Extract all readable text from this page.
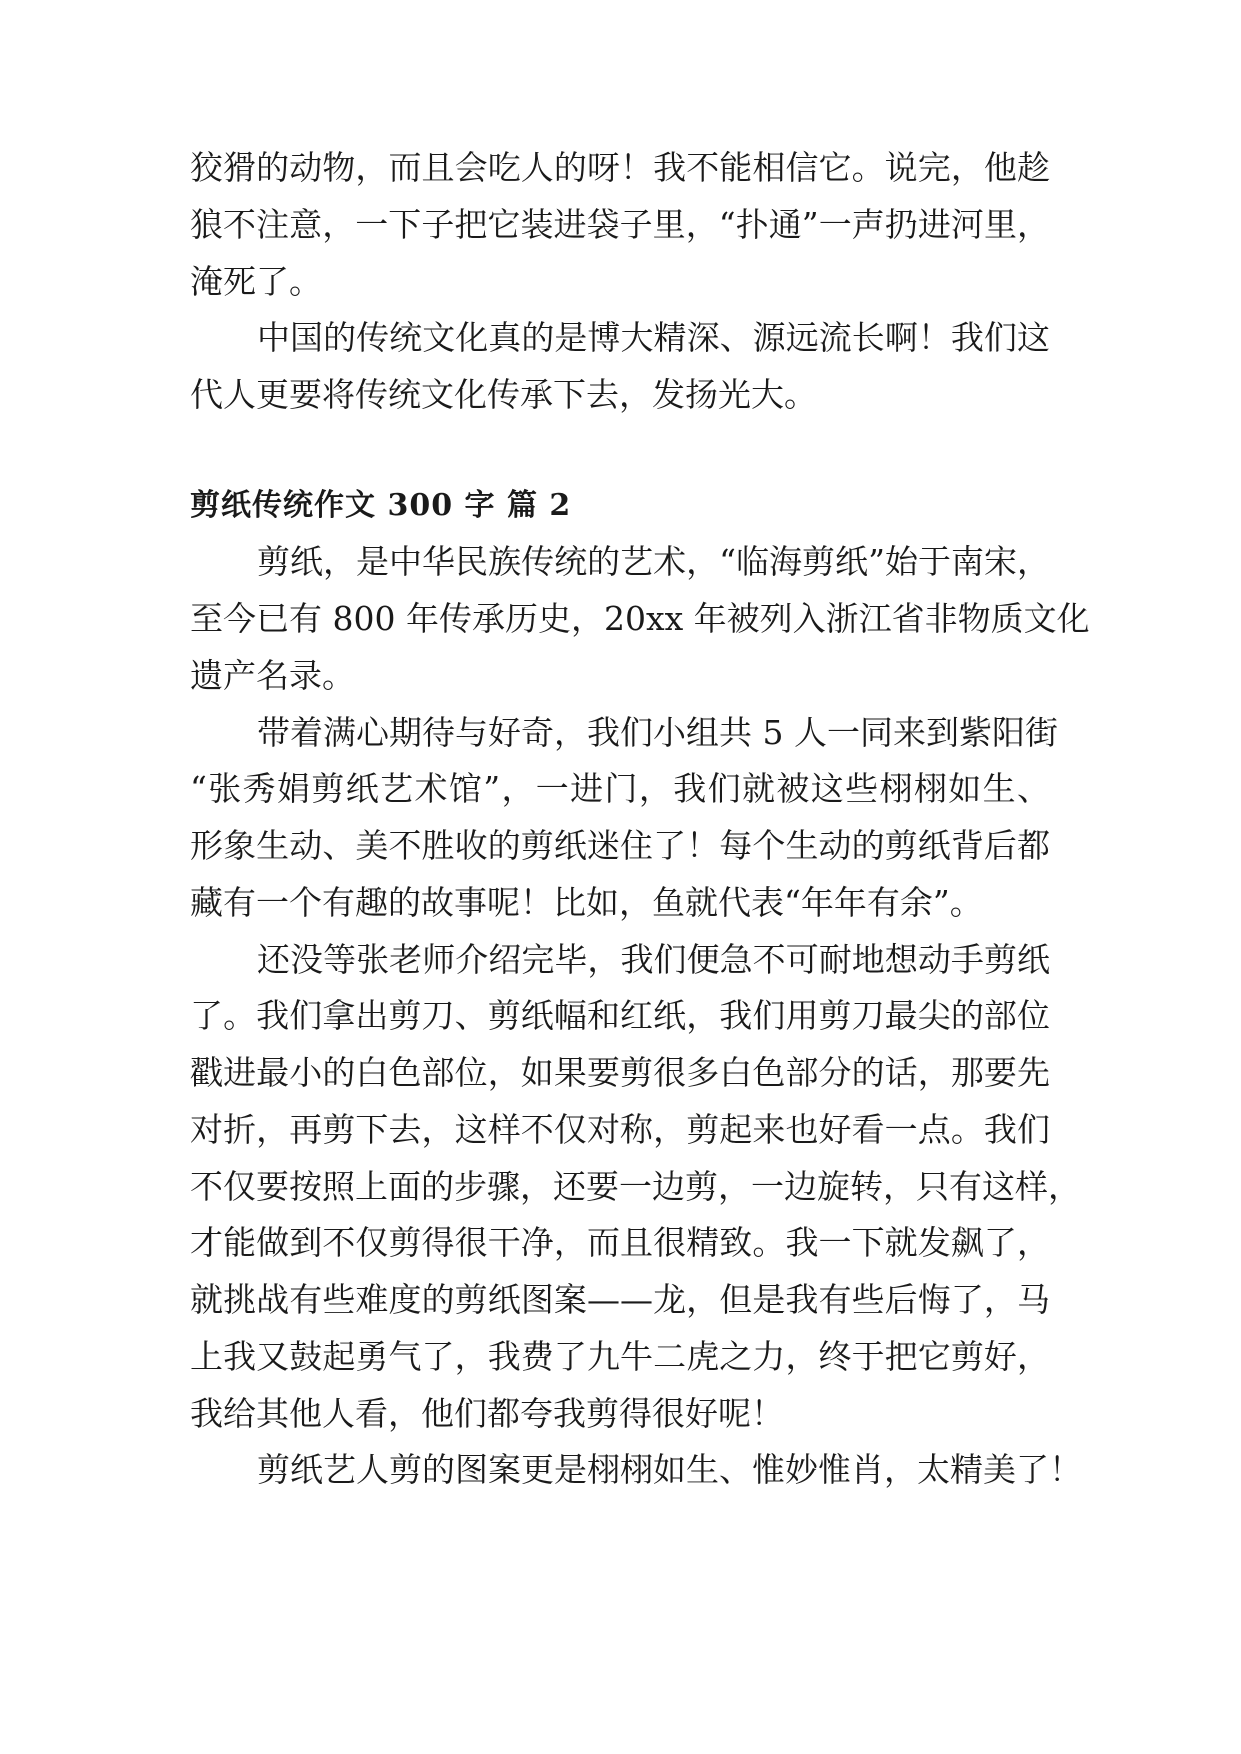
狡猾的动物，而且会吃人的呀！我不能相信它。说完，他趁

狼不注意，一下子把它装进袋子里，“扑通”一声扔进河里，

淹死了。

中国的传统文化真的是博大精深、源远流长啊！我们这

代人更要将传统文化传承下去，发扬光大。

剪纸传统作文 300 字 篇 2

剪纸，是中华民族传统的艺术，“临海剪纸”始于南宋，

至今已有 800 年传承历史，20xx 年被列入浙江省非物质文化

遗产名录。

带着满心期待与好奇，我们小组共 5 人一同来到紫阳街

“张秀娟剪纸艺术馆”，一进门，我们就被这些栩栩如生、

形象生动、美不胜收的剪纸迷住了！每个生动的剪纸背后都

藏有一个有趣的故事呢！比如，鱼就代表“年年有余”。

还没等张老师介绍完毕，我们便急不可耐地想动手剪纸

了。我们拿出剪刀、剪纸幅和红纸，我们用剪刀最尖的部位

戳进最小的白色部位，如果要剪很多白色部分的话，那要先

对折，再剪下去，这样不仅对称，剪起来也好看一点。我们

不仅要按照上面的步骤，还要一边剪，一边旋转，只有这样，

才能做到不仅剪得很干净，而且很精致。我一下就发飙了，

就挑战有些难度的剪纸图案——龙，但是我有些后悔了，马

上我又鼓起勇气了，我费了九牛二虎之力，终于把它剪好，

我给其他人看，他们都夸我剪得很好呢！

剪纸艺人剪的图案更是栩栩如生、惟妙惟肖，太精美了！
